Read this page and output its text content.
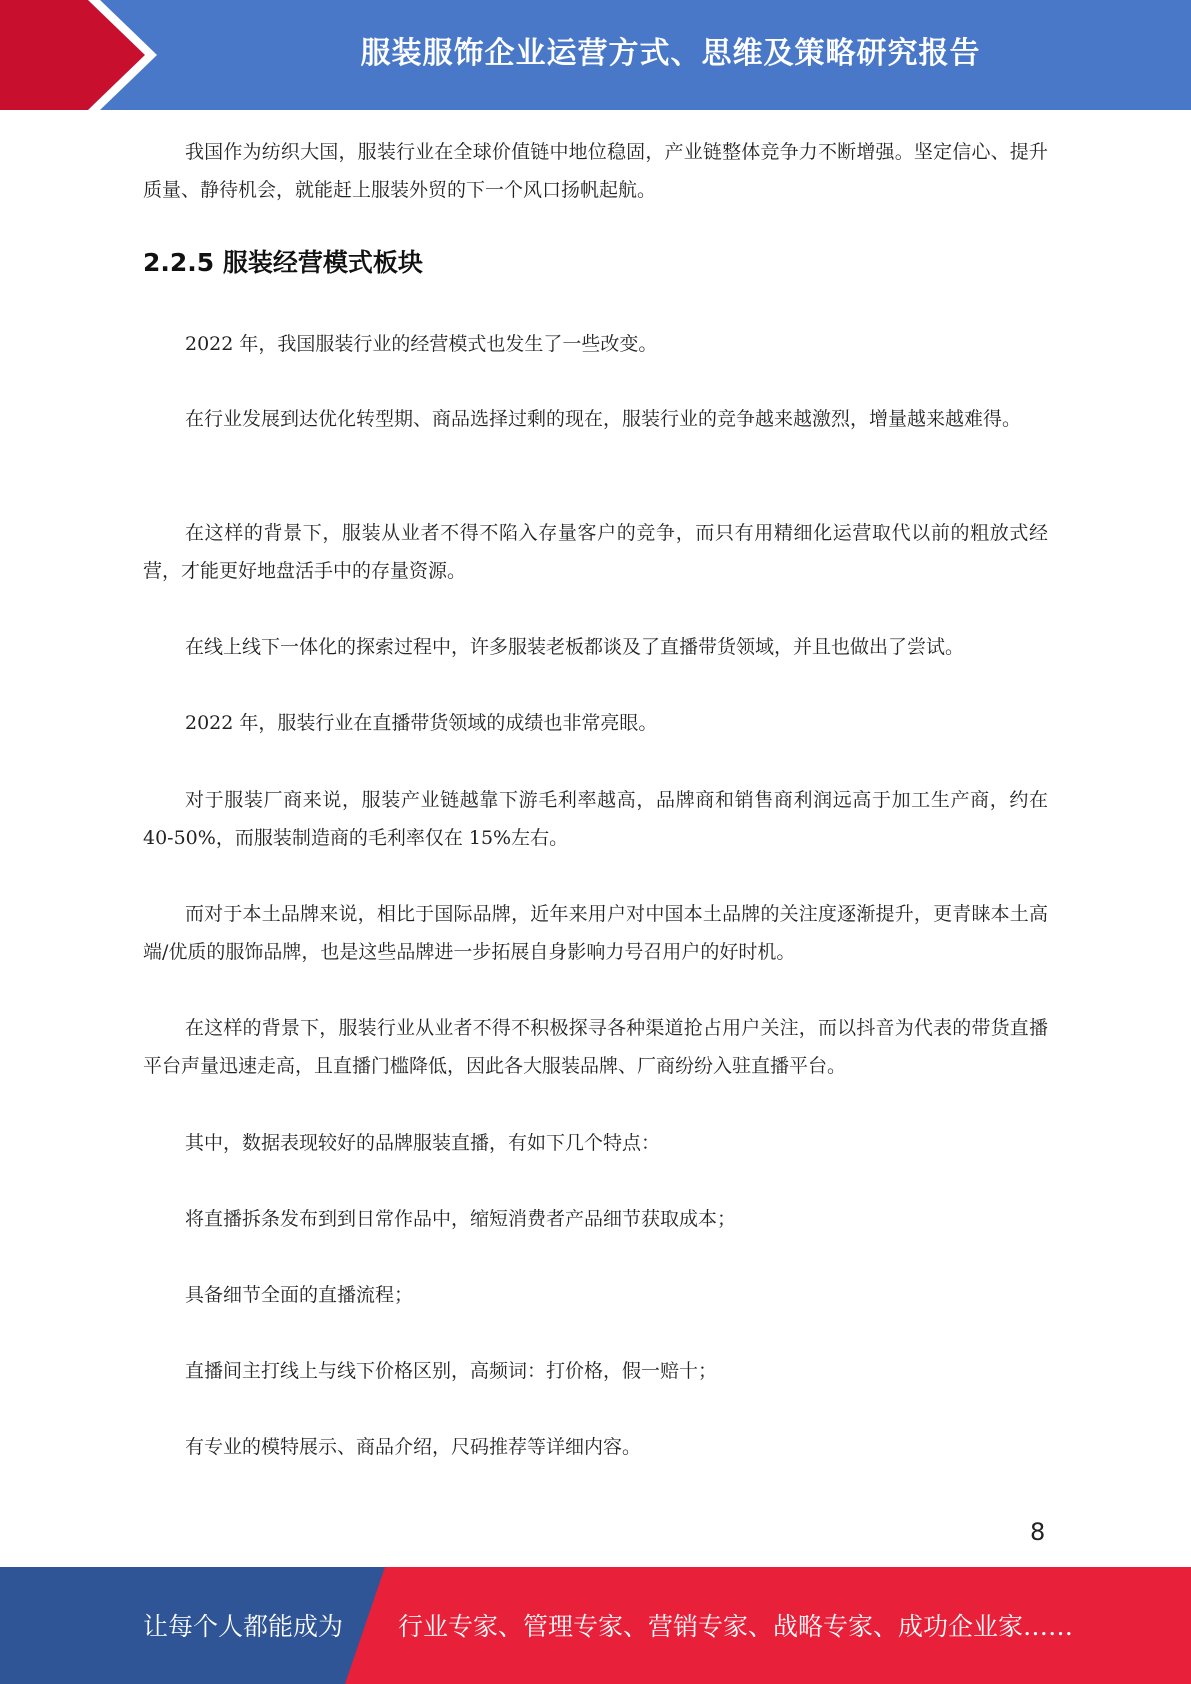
服装服饰企业运营方式、思维及策略研究报告

我国作为纺织大国，服装行业在全球价值链中地位稳固，产业链整体竞争力不断增强。坚定信心、提升质量、静待机会，就能赶上服装外贸的下一个风口扬帆起航。

2.2.5 服装经营模式板块

2022 年，我国服装行业的经营模式也发生了一些改变。

在行业发展到达优化转型期、商品选择过剩的现在，服装行业的竞争越来越激烈，增量越来越难得。

在这样的背景下，服装从业者不得不陷入存量客户的竞争，而只有用精细化运营取代以前的粗放式经营，才能更好地盘活手中的存量资源。

在线上线下一体化的探索过程中，许多服装老板都谈及了直播带货领域，并且也做出了尝试。

2022 年，服装行业在直播带货领域的成绩也非常亮眼。

对于服装厂商来说，服装产业链越靠下游毛利率越高，品牌商和销售商利润远高于加工生产商，约在 40-50%，而服装制造商的毛利率仅在 15%左右。

而对于本土品牌来说，相比于国际品牌，近年来用户对中国本土品牌的关注度逐渐提升，更青睐本土高端/优质的服饰品牌，也是这些品牌进一步拓展自身影响力号召用户的好时机。

在这样的背景下，服装行业从业者不得不积极探寻各种渠道抢占用户关注，而以抖音为代表的带货直播平台声量迅速走高，且直播门槛降低，因此各大服装品牌、厂商纷纷入驻直播平台。

其中，数据表现较好的品牌服装直播，有如下几个特点：

将直播拆条发布到到日常作品中，缩短消费者产品细节获取成本；

具备细节全面的直播流程；

直播间主打线上与线下价格区别，高频词：打价格，假一赔十；

有专业的模特展示、商品介绍，尺码推荐等详细内容。

8
让每个人都能成为 行业专家、管理专家、营销专家、战略专家、成功企业家……
